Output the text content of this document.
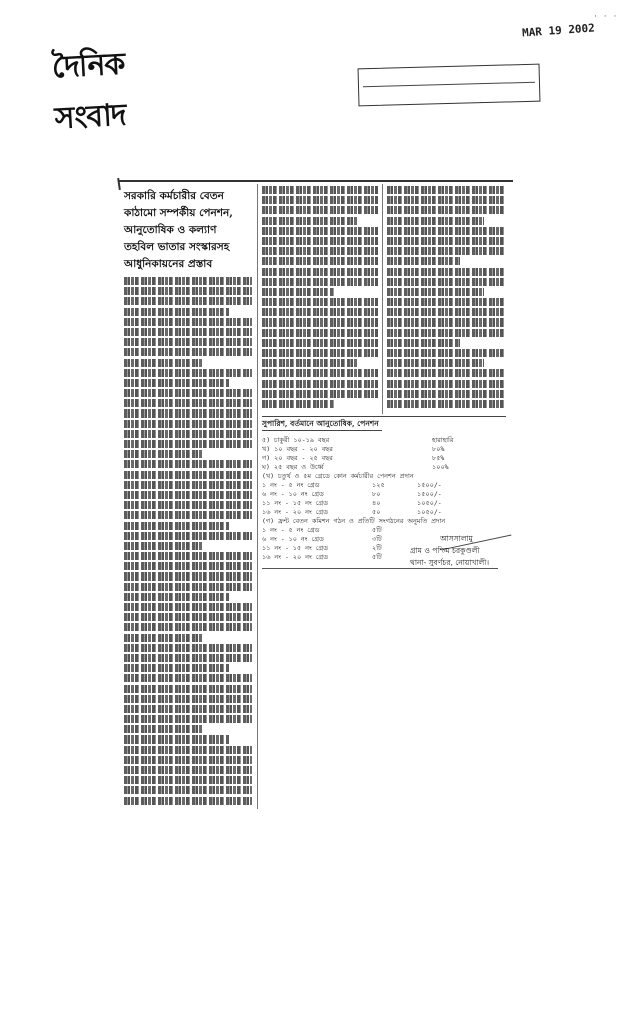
দৈনিক সংবাদ
· · ·
MAR 19 2002
সরকারি কর্মচারীর বেতন
কাঠামো সম্পর্কীয় পেনশন,
আনুতোষিক ও কল্যাণ
তহবিল ভাতার সংস্কারসহ
আধুনিকায়নের প্রস্তাব
সুপারিশ, বর্তমানে আনুতোষিক, পেনশন
৫) চাকুরী ১০-১৯ বছর	হারাহারি
খ) ১০ বছর - ২০ বছর	৮০%
গ) ২০ বছর - ২৫ বছর	৮৫%
ঘ) ২৫ বছর ও উর্ধ্বে	১০০%
(খ) চতুর্থ ও ৫ম গ্রেডে কোন কর্মচারীর পেনশন প্রদান
১ নং - ৫ নং গ্রেড	১২৫	১৫০০/-
৬ নং - ১০ নং গ্রেড	৮০	১৫০০/-
১১ নং - ১৫ নং গ্রেড	৪০	১০৫০/-
১৬ নং - ২০ নং গ্রেড	৫০	১০৫০/-
(গ) ফ্রন্ট বেতন কমিশন গঠন ও প্রতিটি সংগঠনের অনুমতি প্রদান
১ নং - ৫ নং গ্রেড	৫টি
৬ নং - ১০ নং গ্রেড	৩টি
১১ নং - ১৫ নং গ্রেড	২টি
১৬ নং - ২০ নং গ্রেড	৫টি
আসসালামু
গ্রাম ও পশ্চিম চরকুণ্ডলী
থানা- সুবর্ণচর, নোয়াখালী।
